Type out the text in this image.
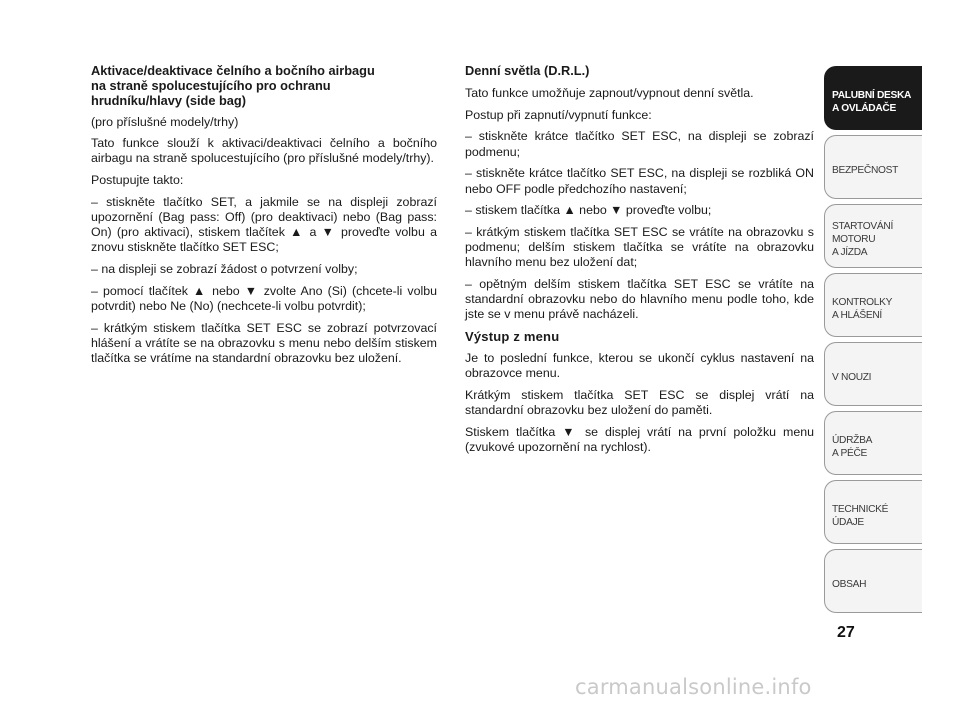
Aktivace/deaktivace čelního a bočního airbagu
na straně spolucestujícího pro ochranu
hrudníku/hlavy (side bag)

(pro příslušné modely/trhy)

Tato funkce slouží k aktivaci/deaktivaci čelního a bočního airbagu na straně spolucestujícího (pro příslušné modely/trhy).

Postupujte takto:

– stiskněte tlačítko SET, a jakmile se na displeji zobrazí upozornění (Bag pass: Off) (pro deaktivaci) nebo (Bag pass: On) (pro aktivaci), stiskem tlačítek ▲ a ▼ proveďte volbu a znovu stiskněte tlačítko SET ESC;

– na displeji se zobrazí žádost o potvrzení volby;

– pomocí tlačítek ▲ nebo ▼ zvolte Ano (Si) (chcete-li volbu potvrdit) nebo Ne (No) (nechcete-li volbu potvrdit);

– krátkým stiskem tlačítka SET ESC se zobrazí potvrzovací hlášení a vrátíte se na obrazovku s menu nebo delším stiskem tlačítka se vrátíme na standardní obrazovku bez uložení.

Denní světla (D.R.L.)

Tato funkce umožňuje zapnout/vypnout denní světla.

Postup při zapnutí/vypnutí funkce:

– stiskněte krátce tlačítko SET ESC, na displeji se zobrazí podmenu;

– stiskněte krátce tlačítko SET ESC, na displeji se rozbliká ON nebo OFF podle předchozího nastavení;

– stiskem tlačítka ▲ nebo ▼ proveďte volbu;

– krátkým stiskem tlačítka SET ESC se vrátíte na obrazovku s podmenu; delším stiskem tlačítka se vrátíte na obrazovku hlavního menu bez uložení dat;

– opětným delším stiskem tlačítka SET ESC se vrátíte na standardní obrazovku nebo do hlavního menu podle toho, kde jste se v menu právě nacházeli.

Výstup z menu

Je to poslední funkce, kterou se ukončí cyklus nastavení na obrazovce menu.

Krátkým stiskem tlačítka SET ESC se displej vrátí na standardní obrazovku bez uložení do paměti.

Stiskem tlačítka ▼ se displej vrátí na první položku menu (zvukové upozornění na rychlost).

PALUBNÍ DESKA
A OVLÁDAČE
BEZPEČNOST
STARTOVÁNÍ
MOTORU
A JÍZDA
KONTROLKY
A HLÁŠENÍ
V NOUZI
ÚDRŽBA
A PÉČE
TECHNICKÉ
ÚDAJE
OBSAH
27
carmanualsonline.info
